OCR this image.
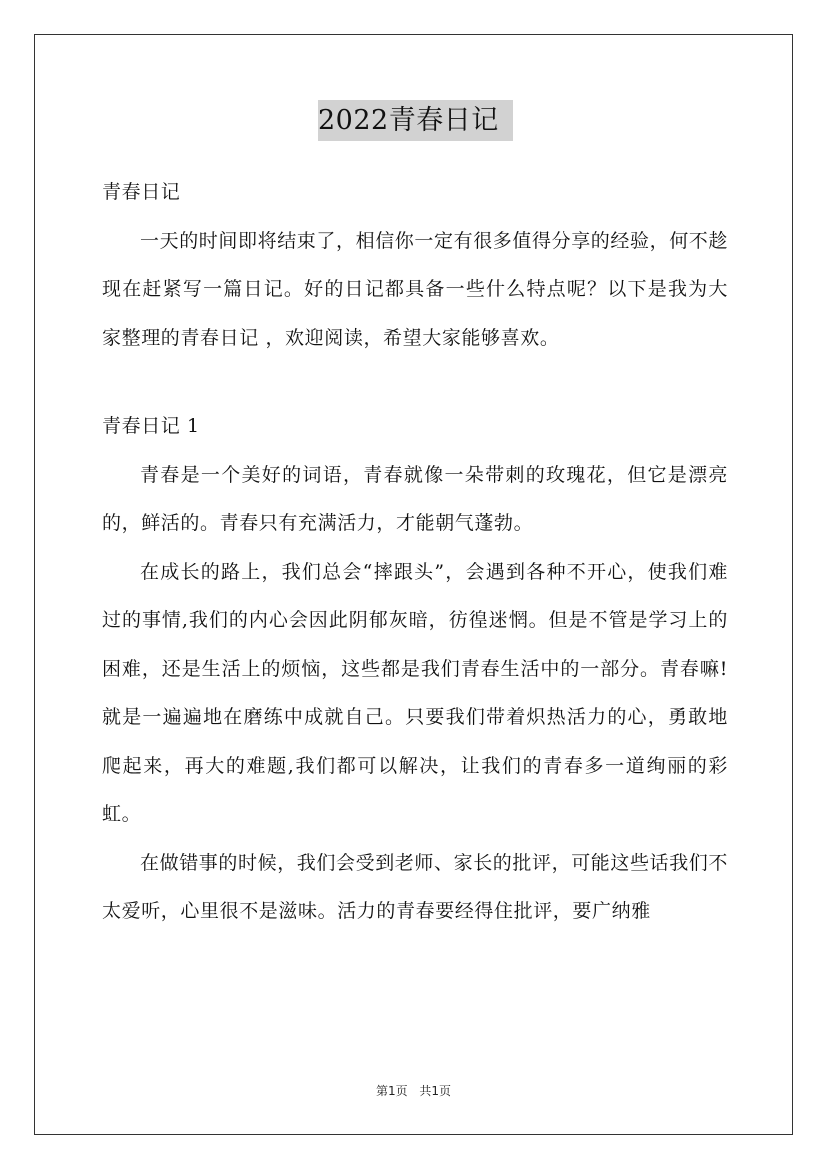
2022青春日记

青春日记

一天的时间即将结束了，相信你一定有很多值得分享的经验，何不趁现在赶紧写一篇日记。好的日记都具备一些什么特点呢？以下是我为大家整理的青春日记 ，欢迎阅读，希望大家能够喜欢。

青春日记 1

青春是一个美好的词语，青春就像一朵带刺的玫瑰花，但它是漂亮的，鲜活的。青春只有充满活力，才能朝气蓬勃。

在成长的路上，我们总会“摔跟头”，会遇到各种不开心，使我们难过的事情,我们的内心会因此阴郁灰暗，彷徨迷惘。但是不管是学习上的困难，还是生活上的烦恼，这些都是我们青春生活中的一部分。青春嘛!就是一遍遍地在磨练中成就自己。只要我们带着炽热活力的心，勇敢地爬起来，再大的难题,我们都可以解决，让我们的青春多一道绚丽的彩虹。

在做错事的时候，我们会受到老师、家长的批评，可能这些话我们不太爱听，心里很不是滋味。活力的青春要经得住批评，要广纳雅

第1页 共1页
